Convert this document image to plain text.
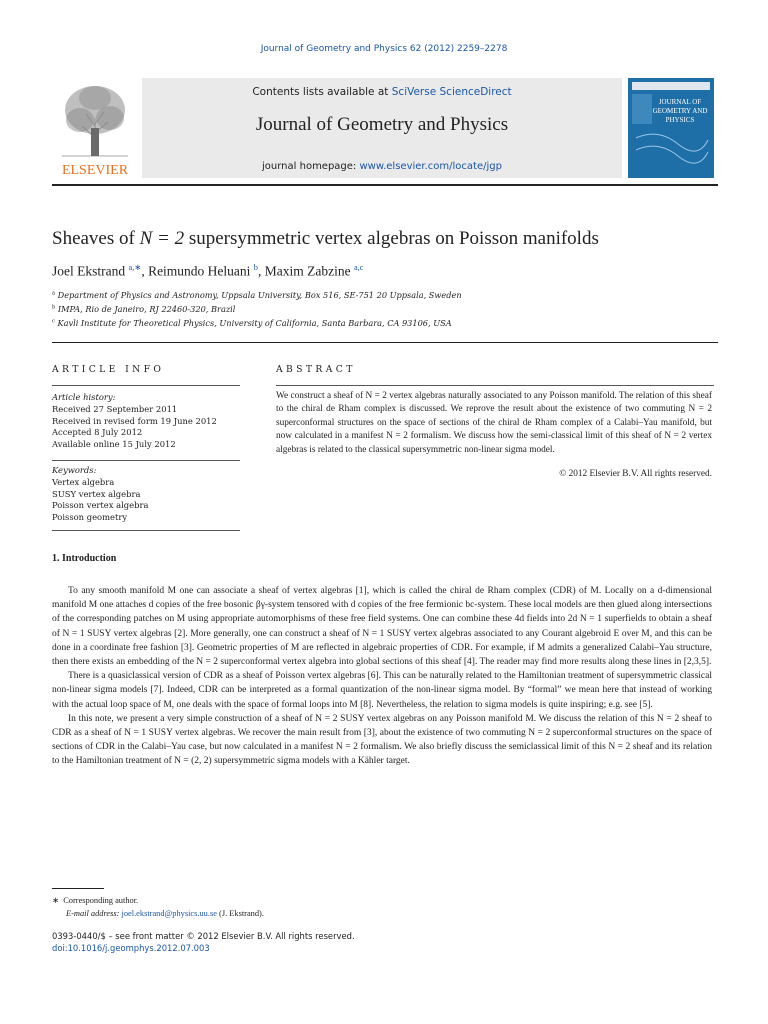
Journal of Geometry and Physics 62 (2012) 2259–2278
ELSEVIER
Contents lists available at SciVerse ScienceDirect
Journal of Geometry and Physics
journal homepage: www.elsevier.com/locate/jgp
JOURNAL OF
GEOMETRY AND
PHYSICS
Sheaves of N = 2 supersymmetric vertex algebras on Poisson manifolds
Joel Ekstrand $^{a,∗}$, Reimundo Heluani $^b$, Maxim Zabzine $^{a,c}$
$^a$ Department of Physics and Astronomy, Uppsala University, Box 516, SE-751 20 Uppsala, Sweden
$^b$ IMPA, Rio de Janeiro, RJ 22460-320, Brazil
$^c$ Kavli Institute for Theoretical Physics, University of California, Santa Barbara, CA 93106, USA
ARTICLE INFO
Article history:
Received 27 September 2011
Received in revised form 19 June 2012
Accepted 8 July 2012
Available online 15 July 2012
Keywords:
Vertex algebra
SUSY vertex algebra
Poisson vertex algebra
Poisson geometry
ABSTRACT
We construct a sheaf of N = 2 vertex algebras naturally associated to any Poisson manifold. The relation of this sheaf to the chiral de Rham complex is discussed. We reprove the result about the existence of two commuting N = 2 superconformal structures on the space of sections of the chiral de Rham complex of a Calabi–Yau manifold, but now calculated in a manifest N = 2 formalism. We discuss how the semi-classical limit of this sheaf of N = 2 vertex algebras is related to the classical supersymmetric non-linear sigma model.
© 2012 Elsevier B.V. All rights reserved.
1. Introduction

To any smooth manifold M one can associate a sheaf of vertex algebras [1], which is called the chiral de Rham complex (CDR) of M. Locally on a d-dimensional manifold M one attaches d copies of the free bosonic βγ-system tensored with d copies of the free fermionic bc-system. These local models are then glued along intersections of the corresponding patches on M using appropriate automorphisms of these free field systems. One can combine these 4d fields into 2d N = 1 superfields to obtain a sheaf of N = 1 SUSY vertex algebras [2]. More generally, one can construct a sheaf of N = 1 SUSY vertex algebras associated to any Courant algebroid E over M, and this can be done in a coordinate free fashion [3]. Geometric properties of M are reflected in algebraic properties of CDR. For example, if M admits a generalized Calabi–Yau structure, then there exists an embedding of the N = 2 superconformal vertex algebra into global sections of this sheaf [4]. The reader may find more results along these lines in [2,3,5].

There is a quasiclassical version of CDR as a sheaf of Poisson vertex algebras [6]. This can be naturally related to the Hamiltonian treatment of supersymmetric classical non-linear sigma models [7]. Indeed, CDR can be interpreted as a formal quantization of the non-linear sigma model. By “formal” we mean here that instead of working with the actual loop space of M, one deals with the space of formal loops into M [8]. Nevertheless, the relation to sigma models is quite inspiring; e.g. see [5].

In this note, we present a very simple construction of a sheaf of N = 2 SUSY vertex algebras on any Poisson manifold M. We discuss the relation of this N = 2 sheaf to CDR as a sheaf of N = 1 SUSY vertex algebras. We recover the main result from [3], about the existence of two commuting N = 2 superconformal structures on the space of sections of CDR in the Calabi–Yau case, but now calculated in a manifest N = 2 formalism. We also briefly discuss the semiclassical limit of this N = 2 sheaf and its relation to the Hamiltonian treatment of N = (2, 2) supersymmetric sigma models with a Kähler target.

∗ Corresponding author.
E-mail address: joel.ekstrand@physics.uu.se (J. Ekstrand).
0393-0440/$ – see front matter © 2012 Elsevier B.V. All rights reserved.
doi:10.1016/j.geomphys.2012.07.003
